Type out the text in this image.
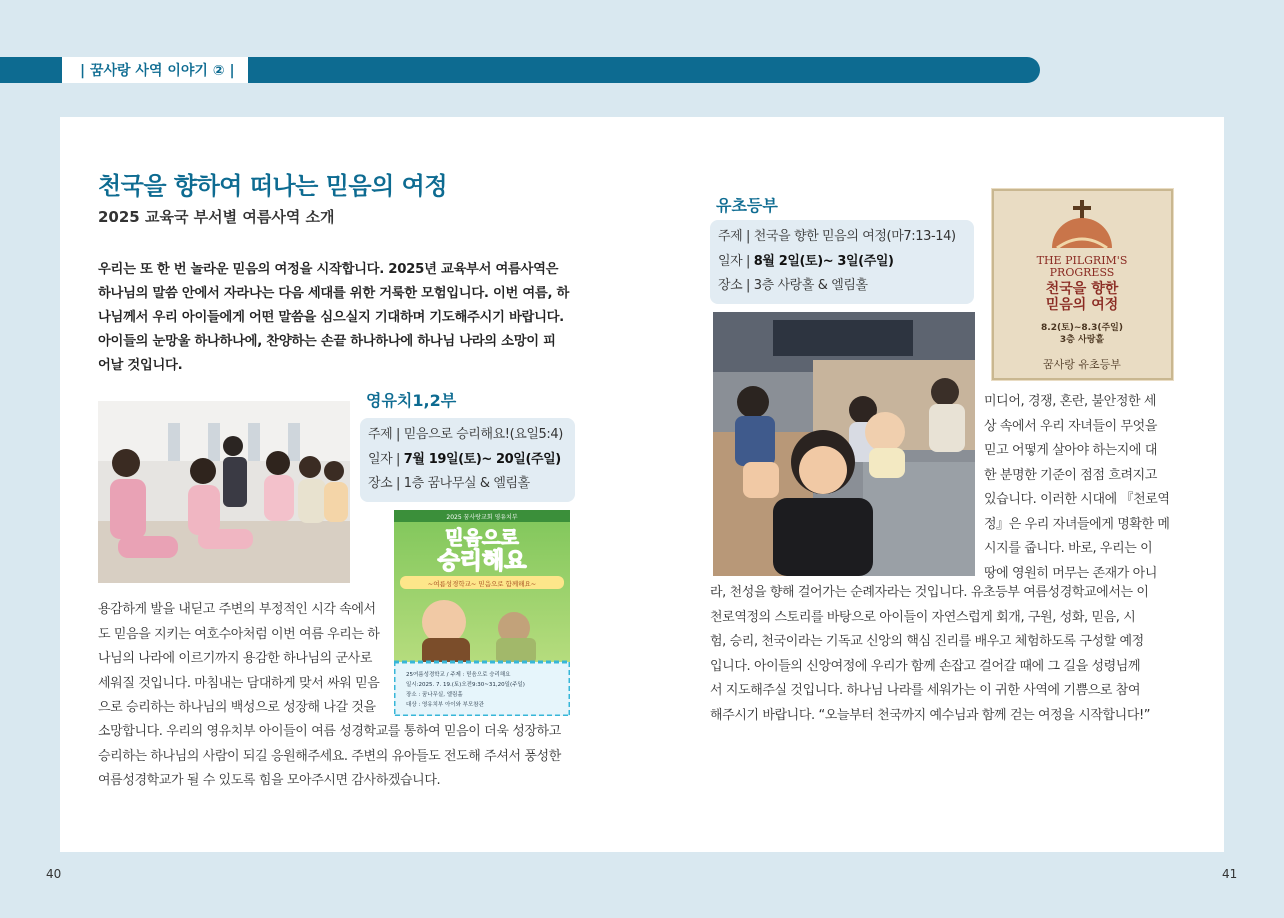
| 꿈사랑 사역 이야기 ② |
천국을 향하여 떠나는 믿음의 여정
2025 교육국 부서별 여름사역 소개
우리는 또 한 번 놀라운 믿음의 여정을 시작합니다. 2025년 교육부서 여름사역은
하나님의 말씀 안에서 자라나는 다음 세대를 위한 거룩한 모험입니다. 이번 여름, 하
나님께서 우리 아이들에게 어떤 말씀을 심으실지 기대하며 기도해주시기 바랍니다.
아이들의 눈망울 하나하나에, 찬양하는 손끝 하나하나에 하나님 나라의 소망이 피
어날 것입니다.
영유치1,2부
주제 | 믿음으로 승리해요!(요일5:4)
일자 | 7월 19일(토)~ 20일(주일)
장소 | 1층 꿈나무실 & 엘림홀
2025 꿈사랑교회 영유치부
믿음으로
승리해요
~여름성경학교~ 믿음으로 함께해요~
25여름성경학교 / 주제 : 믿음으로 승리해요
일시:2025. 7. 19.(토)오전9:30~31,20일(주일)
장소 : 꿈나무실, 엘림홀
대상 : 영유치부 아이와 부모참관
용감하게 발을 내딛고 주변의 부정적인 시각 속에서
도 믿음을 지키는 여호수아처럼 이번 여름 우리는 하
나님의 나라에 이르기까지 용감한 하나님의 군사로
세워질 것입니다. 마침내는 담대하게 맞서 싸워 믿음
으로 승리하는 하나님의 백성으로 성장해 나갈 것을
소망합니다. 우리의 영유치부 아이들이 여름 성경학교를 통하여 믿음이 더욱 성장하고
승리하는 하나님의 사람이 되길 응원해주세요. 주변의 유아들도 전도해 주셔서 풍성한
여름성경학교가 될 수 있도록 힘을 모아주시면 감사하겠습니다.
유초등부
주제 | 천국을 향한 믿음의 여정(마7:13-14)
일자 | 8월 2일(토)~ 3일(주일)
장소 | 3층 사랑홀 & 엘림홀
THE PILGRIM'S
PROGRESS
천국을 향한
믿음의 여정
8.2(토)~8.3(주일)
3층 사랑홀
꿈사랑 유초등부
미디어, 경쟁, 혼란, 불안정한 세
상 속에서 우리 자녀들이 무엇을
믿고 어떻게 살아야 하는지에 대
한 분명한 기준이 점점 흐려지고
있습니다. 이러한 시대에 『천로역
정』은 우리 자녀들에게 명확한 메
시지를 줍니다. 바로, 우리는 이
땅에 영원히 머무는 존재가 아니
라, 천성을 향해 걸어가는 순례자라는 것입니다. 유초등부 여름성경학교에서는 이
천로역정의 스토리를 바탕으로 아이들이 자연스럽게 회개, 구원, 성화, 믿음, 시
험, 승리, 천국이라는 기독교 신앙의 핵심 진리를 배우고 체험하도록 구성할 예정
입니다. 아이들의 신앙여정에 우리가 함께 손잡고 걸어갈 때에 그 길을 성령님께
서 지도해주실 것입니다. 하나님 나라를 세워가는 이 귀한 사역에 기쁨으로 참여
해주시기 바랍니다. “오늘부터 천국까지 예수님과 함께 걷는 여정을 시작합니다!”
40	41
